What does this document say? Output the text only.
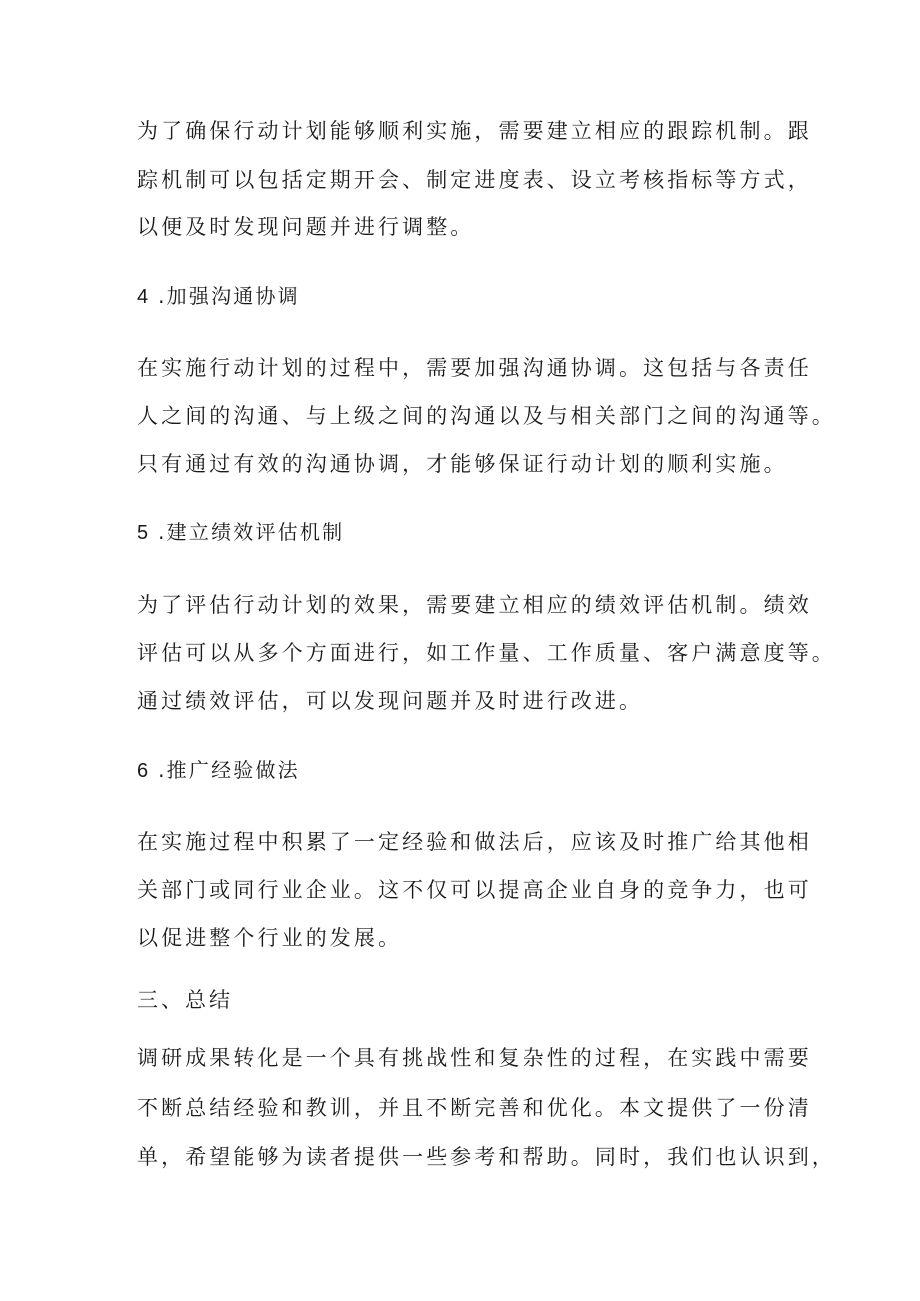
为了确保行动计划能够顺利实施，需要建立相应的跟踪机制。跟
踪机制可以包括定期开会、制定进度表、设立考核指标等方式，
以便及时发现问题并进行调整。
4 .加强沟通协调
在实施行动计划的过程中，需要加强沟通协调。这包括与各责任
人之间的沟通、与上级之间的沟通以及与相关部门之间的沟通等。
只有通过有效的沟通协调，才能够保证行动计划的顺利实施。
5 .建立绩效评估机制
为了评估行动计划的效果，需要建立相应的绩效评估机制。绩效
评估可以从多个方面进行，如工作量、工作质量、客户满意度等。
通过绩效评估，可以发现问题并及时进行改进。
6 .推广经验做法
在实施过程中积累了一定经验和做法后，应该及时推广给其他相
关部门或同行业企业。这不仅可以提高企业自身的竞争力，也可
以促进整个行业的发展。
三、总结
调研成果转化是一个具有挑战性和复杂性的过程，在实践中需要
不断总结经验和教训，并且不断完善和优化。本文提供了一份清
单，希望能够为读者提供一些参考和帮助。同时，我们也认识到，
